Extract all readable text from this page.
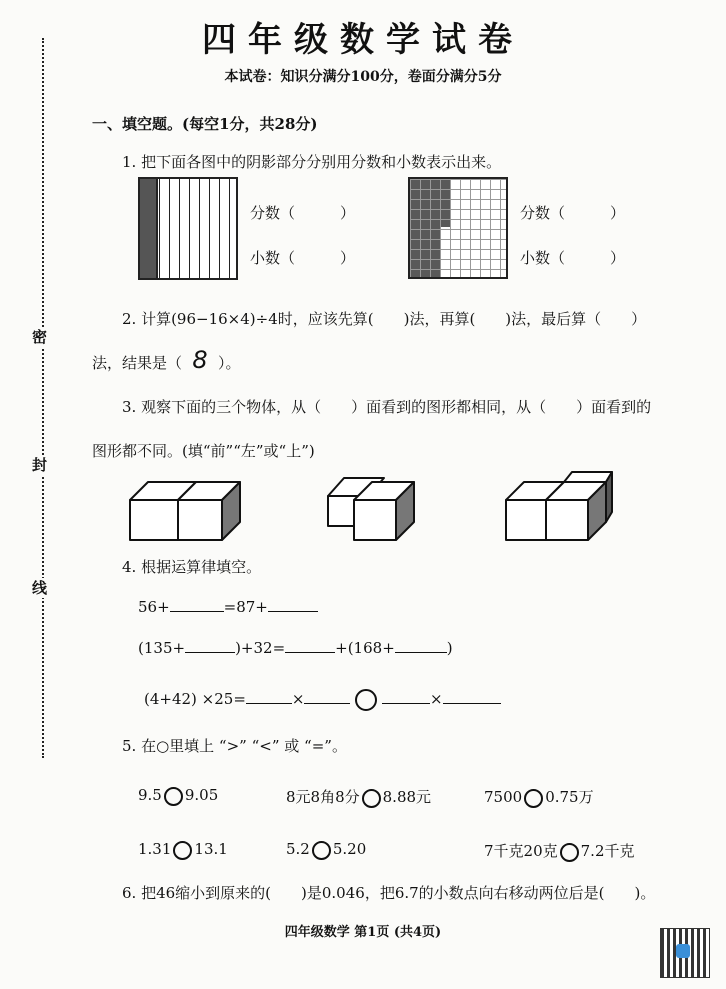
密
封
线
四年级数学试卷
本试卷：知识分满分100分，卷面分满分5分
一、填空题。(每空1分，共28分)
1. 把下面各图中的阴影部分分别用分数和小数表示出来。
分数（　　　）
小数（　　　）
分数（　　　）
小数（　　　）
2. 计算(96−16×4)÷4时，应该先算(　　)法，再算(　　)法，最后算（　　）
法，结果是（ 8 ）。
3. 观察下面的三个物体，从（　　）面看到的图形都相同，从（　　）面看到的
图形都不同。(填“前”“左”或“上”)
4. 根据运算律填空。
56+	=87+
(135+	)+32=	+(168+	)
(4+42) ×25=	×	×
5. 在○里填上 “>” “<” 或 “=”。
9.5 9.05	8元8角8分 8.88元	7500 0.75万
1.31 13.1	5.2 5.20	7千克20克 7.2千克
6. 把46缩小到原来的(　　)是0.046，把6.7的小数点向右移动两位后是(　　)。
四年级数学 第1页 (共4页)
